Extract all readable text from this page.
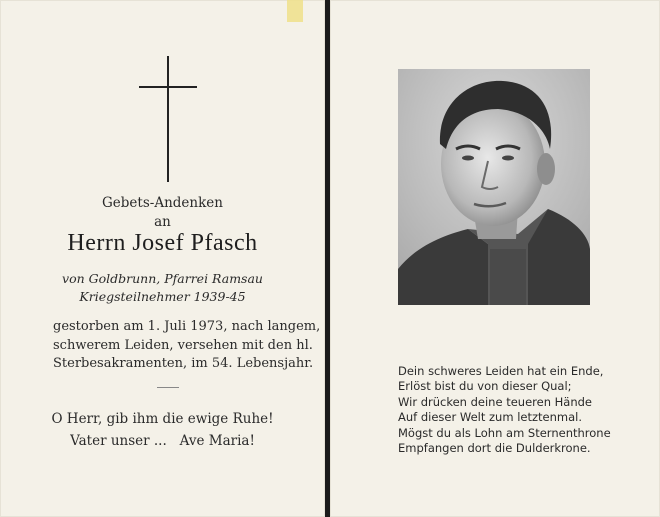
Gebets-Andenken
an
Herrn Josef Pfasch
von Goldbrunn, Pfarrei Ramsau
Kriegsteilnehmer 1939-45
gestorben am 1. Juli 1973, nach langem,
schwerem Leiden, versehen mit den hl.
Sterbesakramenten, im 54. Lebensjahr.
O Herr, gib ihm die ewige Ruhe!
Vater unser ...   Ave Maria!
Dein schweres Leiden hat ein Ende,
Erlöst bist du von dieser Qual;
Wir drücken deine teueren Hände
Auf dieser Welt zum letztenmal.
Mögst du als Lohn am Sternenthrone
Empfangen dort die Dulderkrone.
